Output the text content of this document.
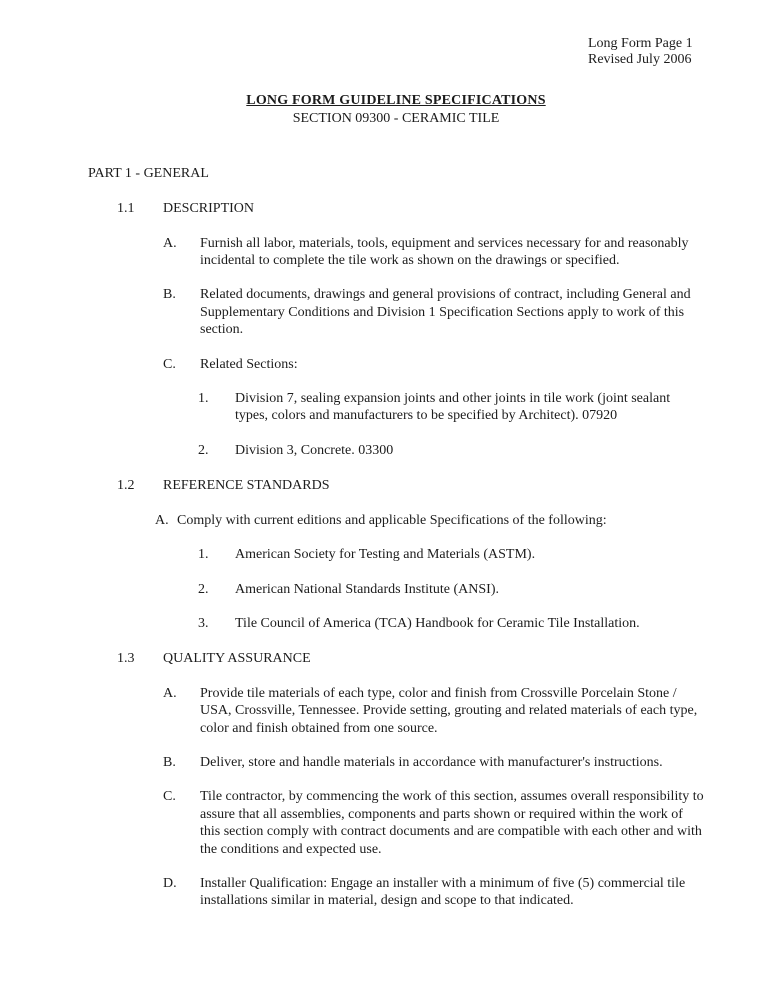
Long Form Page 1
Revised July 2006
LONG FORM GUIDELINE SPECIFICATIONS
SECTION 09300 - CERAMIC TILE
PART 1 - GENERAL
1.1	DESCRIPTION
A.	Furnish all labor, materials, tools, equipment and services necessary for and reasonably incidental to complete the tile work as shown on the drawings or specified.
B.	Related documents, drawings and general provisions of contract, including General and Supplementary Conditions and Division 1 Specification Sections apply to work of this section.
C.	Related Sections:
1.	Division 7, sealing expansion joints and other joints in tile work (joint sealant types, colors and manufacturers to be specified by Architect). 07920
2.	Division 3, Concrete. 03300
1.2	REFERENCE STANDARDS
A. Comply with current editions and applicable Specifications of the following:
1.	American Society for Testing and Materials (ASTM).
2.	American National Standards Institute (ANSI).
3.	Tile Council of America (TCA) Handbook for Ceramic Tile Installation.
1.3	QUALITY ASSURANCE
A.	Provide tile materials of each type, color and finish from Crossville Porcelain Stone / USA, Crossville, Tennessee. Provide setting, grouting and related materials of each type, color and finish obtained from one source.
B.	Deliver, store and handle materials in accordance with manufacturer's instructions.
C.	Tile contractor, by commencing the work of this section, assumes overall responsibility to assure that all assemblies, components and parts shown or required within the work of this section comply with contract documents and are compatible with each other and with the conditions and expected use.
D.	Installer Qualification: Engage an installer with a minimum of five (5) commercial tile installations similar in material, design and scope to that indicated.
